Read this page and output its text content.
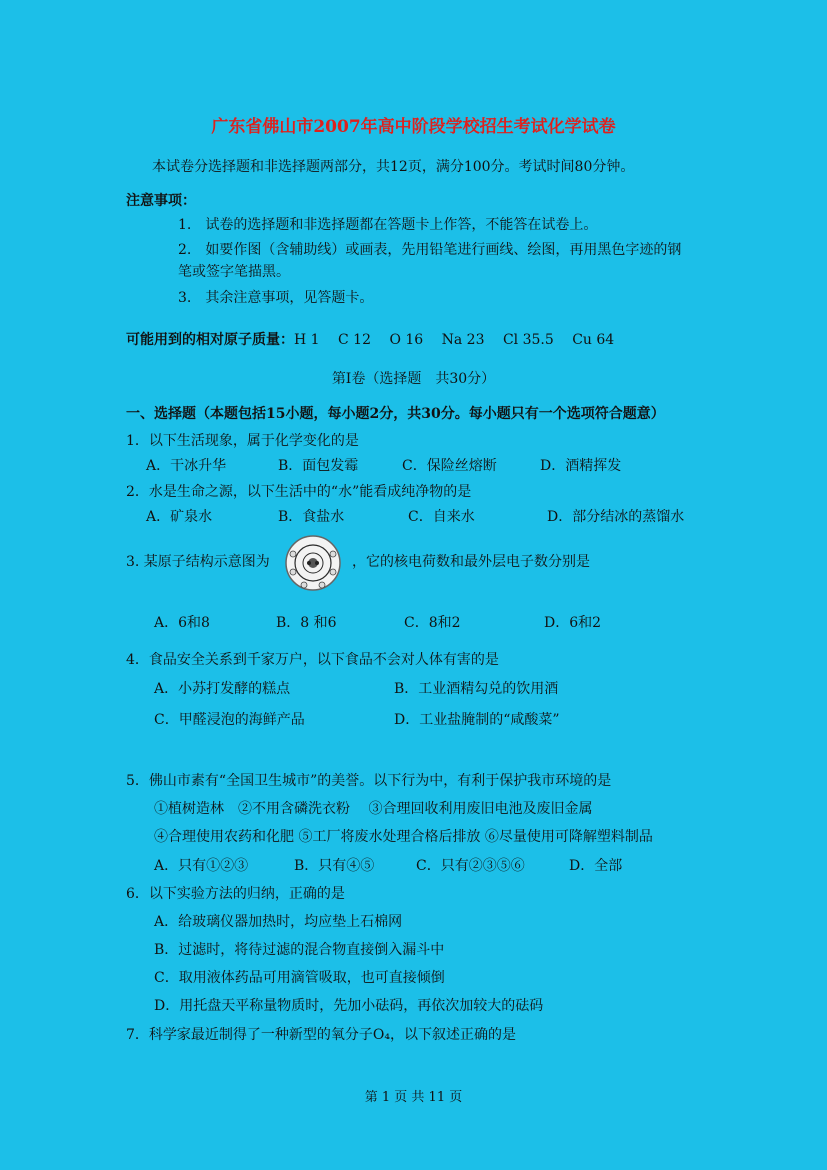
广东省佛山市2007年高中阶段学校招生考试化学试卷
本试卷分选择题和非选择题两部分，共12页，满分100分。考试时间80分钟。
注意事项：
1.　试卷的选择题和非选择题都在答题卡上作答，不能答在试卷上。
2.　如要作图（含辅助线）或画表，先用铅笔进行画线、绘图，再用黑色字迹的钢
笔或签字笔描黑。
3.　其余注意事项，见答题卡。
可能用到的相对原子质量：H 1　 C 12　 O 16　 Na 23　 Cl 35.5　 Cu 64
第Ⅰ卷（选择题　共30分）
一、选择题（本题包括15小题，每小题2分，共30分。每小题只有一个选项符合题意）
1．以下生活现象，属于化学变化的是
A．干冰升华	B．面包发霉	C．保险丝熔断	D．酒精挥发
2．水是生命之源，以下生活中的“水”能看成纯净物的是
A．矿泉水	B．食盐水	C．自来水	D．部分结冰的蒸馏水
3. 某原子结构示意图为	，它的核电荷数和最外层电子数分别是
A．6和8	B．8 和6	C．8和2	D．6和2
4．食品安全关系到千家万户，以下食品不会对人体有害的是
A．小苏打发酵的糕点	B．工业酒精勾兑的饮用酒
C．甲醛浸泡的海鲜产品	D．工业盐腌制的“咸酸菜”
5．佛山市素有“全国卫生城市”的美誉。以下行为中，有利于保护我市环境的是
①植树造林　②不用含磷洗衣粉　 ③合理回收利用废旧电池及废旧金属
④合理使用农药和化肥 ⑤工厂将废水处理合格后排放 ⑥尽量使用可降解塑料制品
A．只有①②③	B．只有④⑤	C．只有②③⑤⑥	D．全部
6．以下实验方法的归纳，正确的是
A．给玻璃仪器加热时，均应垫上石棉网
B．过滤时，将待过滤的混合物直接倒入漏斗中
C．取用液体药品可用滴管吸取，也可直接倾倒
D．用托盘天平称量物质时，先加小砝码，再依次加较大的砝码
7．科学家最近制得了一种新型的氧分子O₄，以下叙述正确的是
第 1 页 共 11 页
